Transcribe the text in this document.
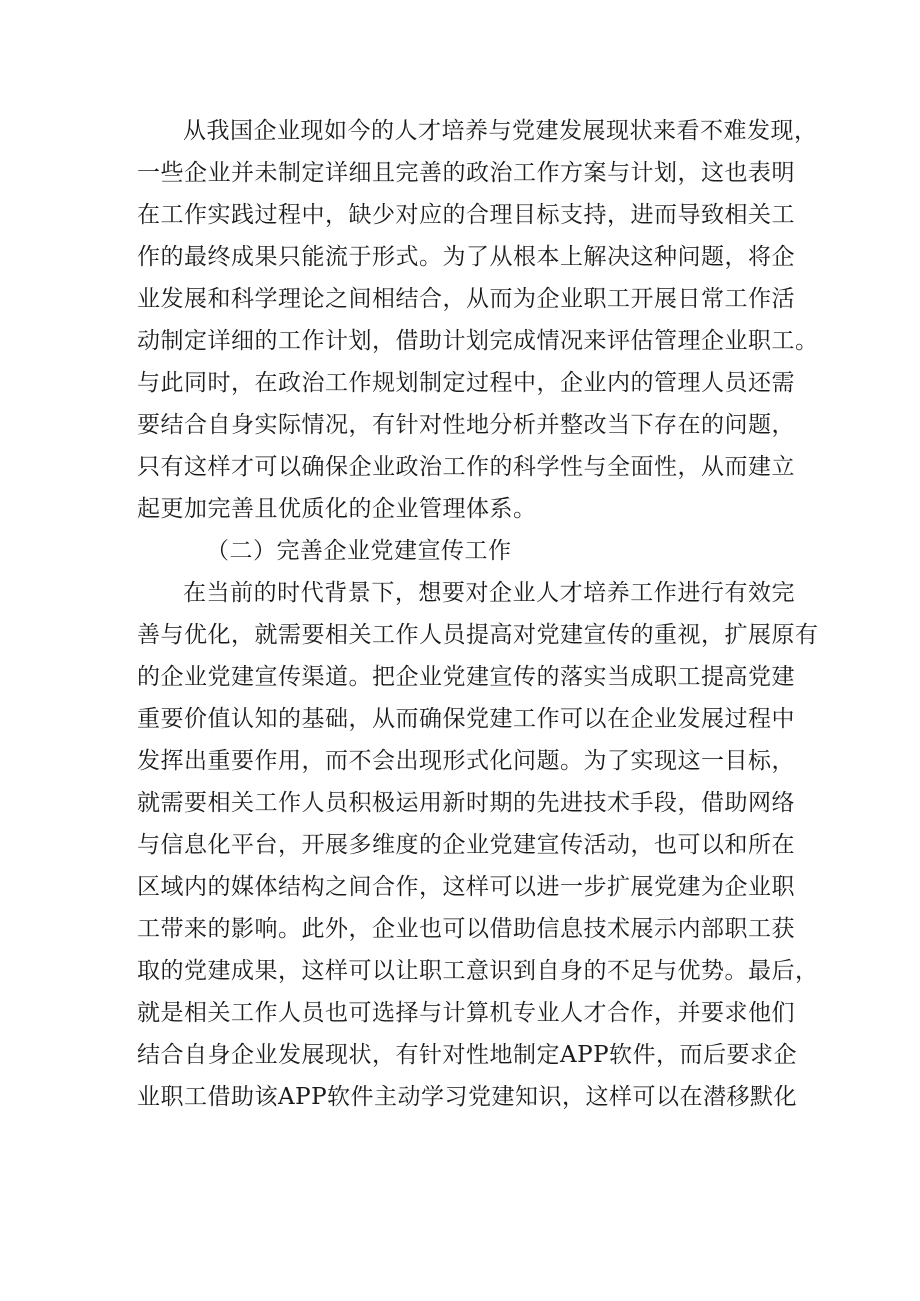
从我国企业现如今的人才培养与党建发展现状来看不难发现，
一些企业并未制定详细且完善的政治工作方案与计划，这也表明
在工作实践过程中，缺少对应的合理目标支持，进而导致相关工
作的最终成果只能流于形式。为了从根本上解决这种问题，将企
业发展和科学理论之间相结合，从而为企业职工开展日常工作活
动制定详细的工作计划，借助计划完成情况来评估管理企业职工。
与此同时，在政治工作规划制定过程中，企业内的管理人员还需
要结合自身实际情况，有针对性地分析并整改当下存在的问题，
只有这样才可以确保企业政治工作的科学性与全面性，从而建立
起更加完善且优质化的企业管理体系。
（二）完善企业党建宣传工作
在当前的时代背景下，想要对企业人才培养工作进行有效完
善与优化，就需要相关工作人员提高对党建宣传的重视，扩展原有
的企业党建宣传渠道。把企业党建宣传的落实当成职工提高党建
重要价值认知的基础，从而确保党建工作可以在企业发展过程中
发挥出重要作用，而不会出现形式化问题。为了实现这一目标，
就需要相关工作人员积极运用新时期的先进技术手段，借助网络
与信息化平台，开展多维度的企业党建宣传活动，也可以和所在
区域内的媒体结构之间合作，这样可以进一步扩展党建为企业职
工带来的影响。此外，企业也可以借助信息技术展示内部职工获
取的党建成果，这样可以让职工意识到自身的不足与优势。最后，
就是相关工作人员也可选择与计算机专业人才合作，并要求他们
结合自身企业发展现状，有针对性地制定APP软件，而后要求企
业职工借助该APP软件主动学习党建知识，这样可以在潜移默化
